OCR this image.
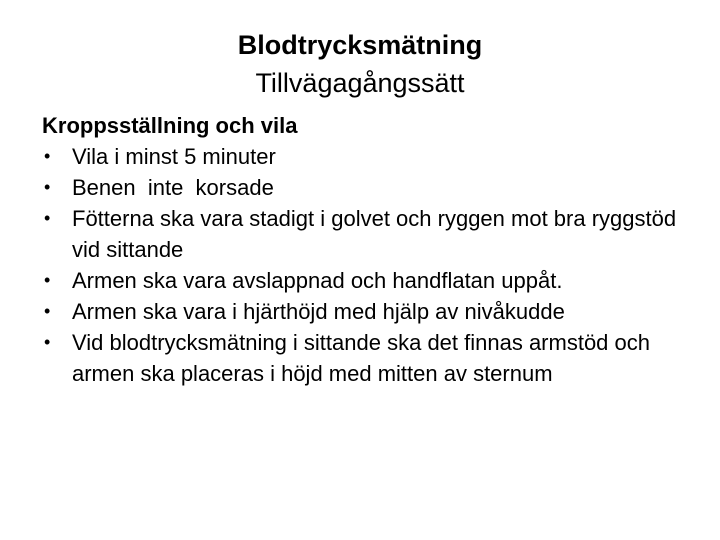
Blodtrycksmätning
Tillvägagångssätt

Kroppsställning och vila

• Vila i minst 5 minuter
• Benen  inte  korsade
• Fötterna ska vara stadigt i golvet och ryggen mot bra ryggstöd vid sittande
• Armen ska vara avslappnad och handflatan uppåt.
• Armen ska vara i hjärthöjd med hjälp av nivåkudde
• Vid blodtrycksmätning i sittande ska det finnas armstöd och armen ska placeras i höjd med mitten av sternum
